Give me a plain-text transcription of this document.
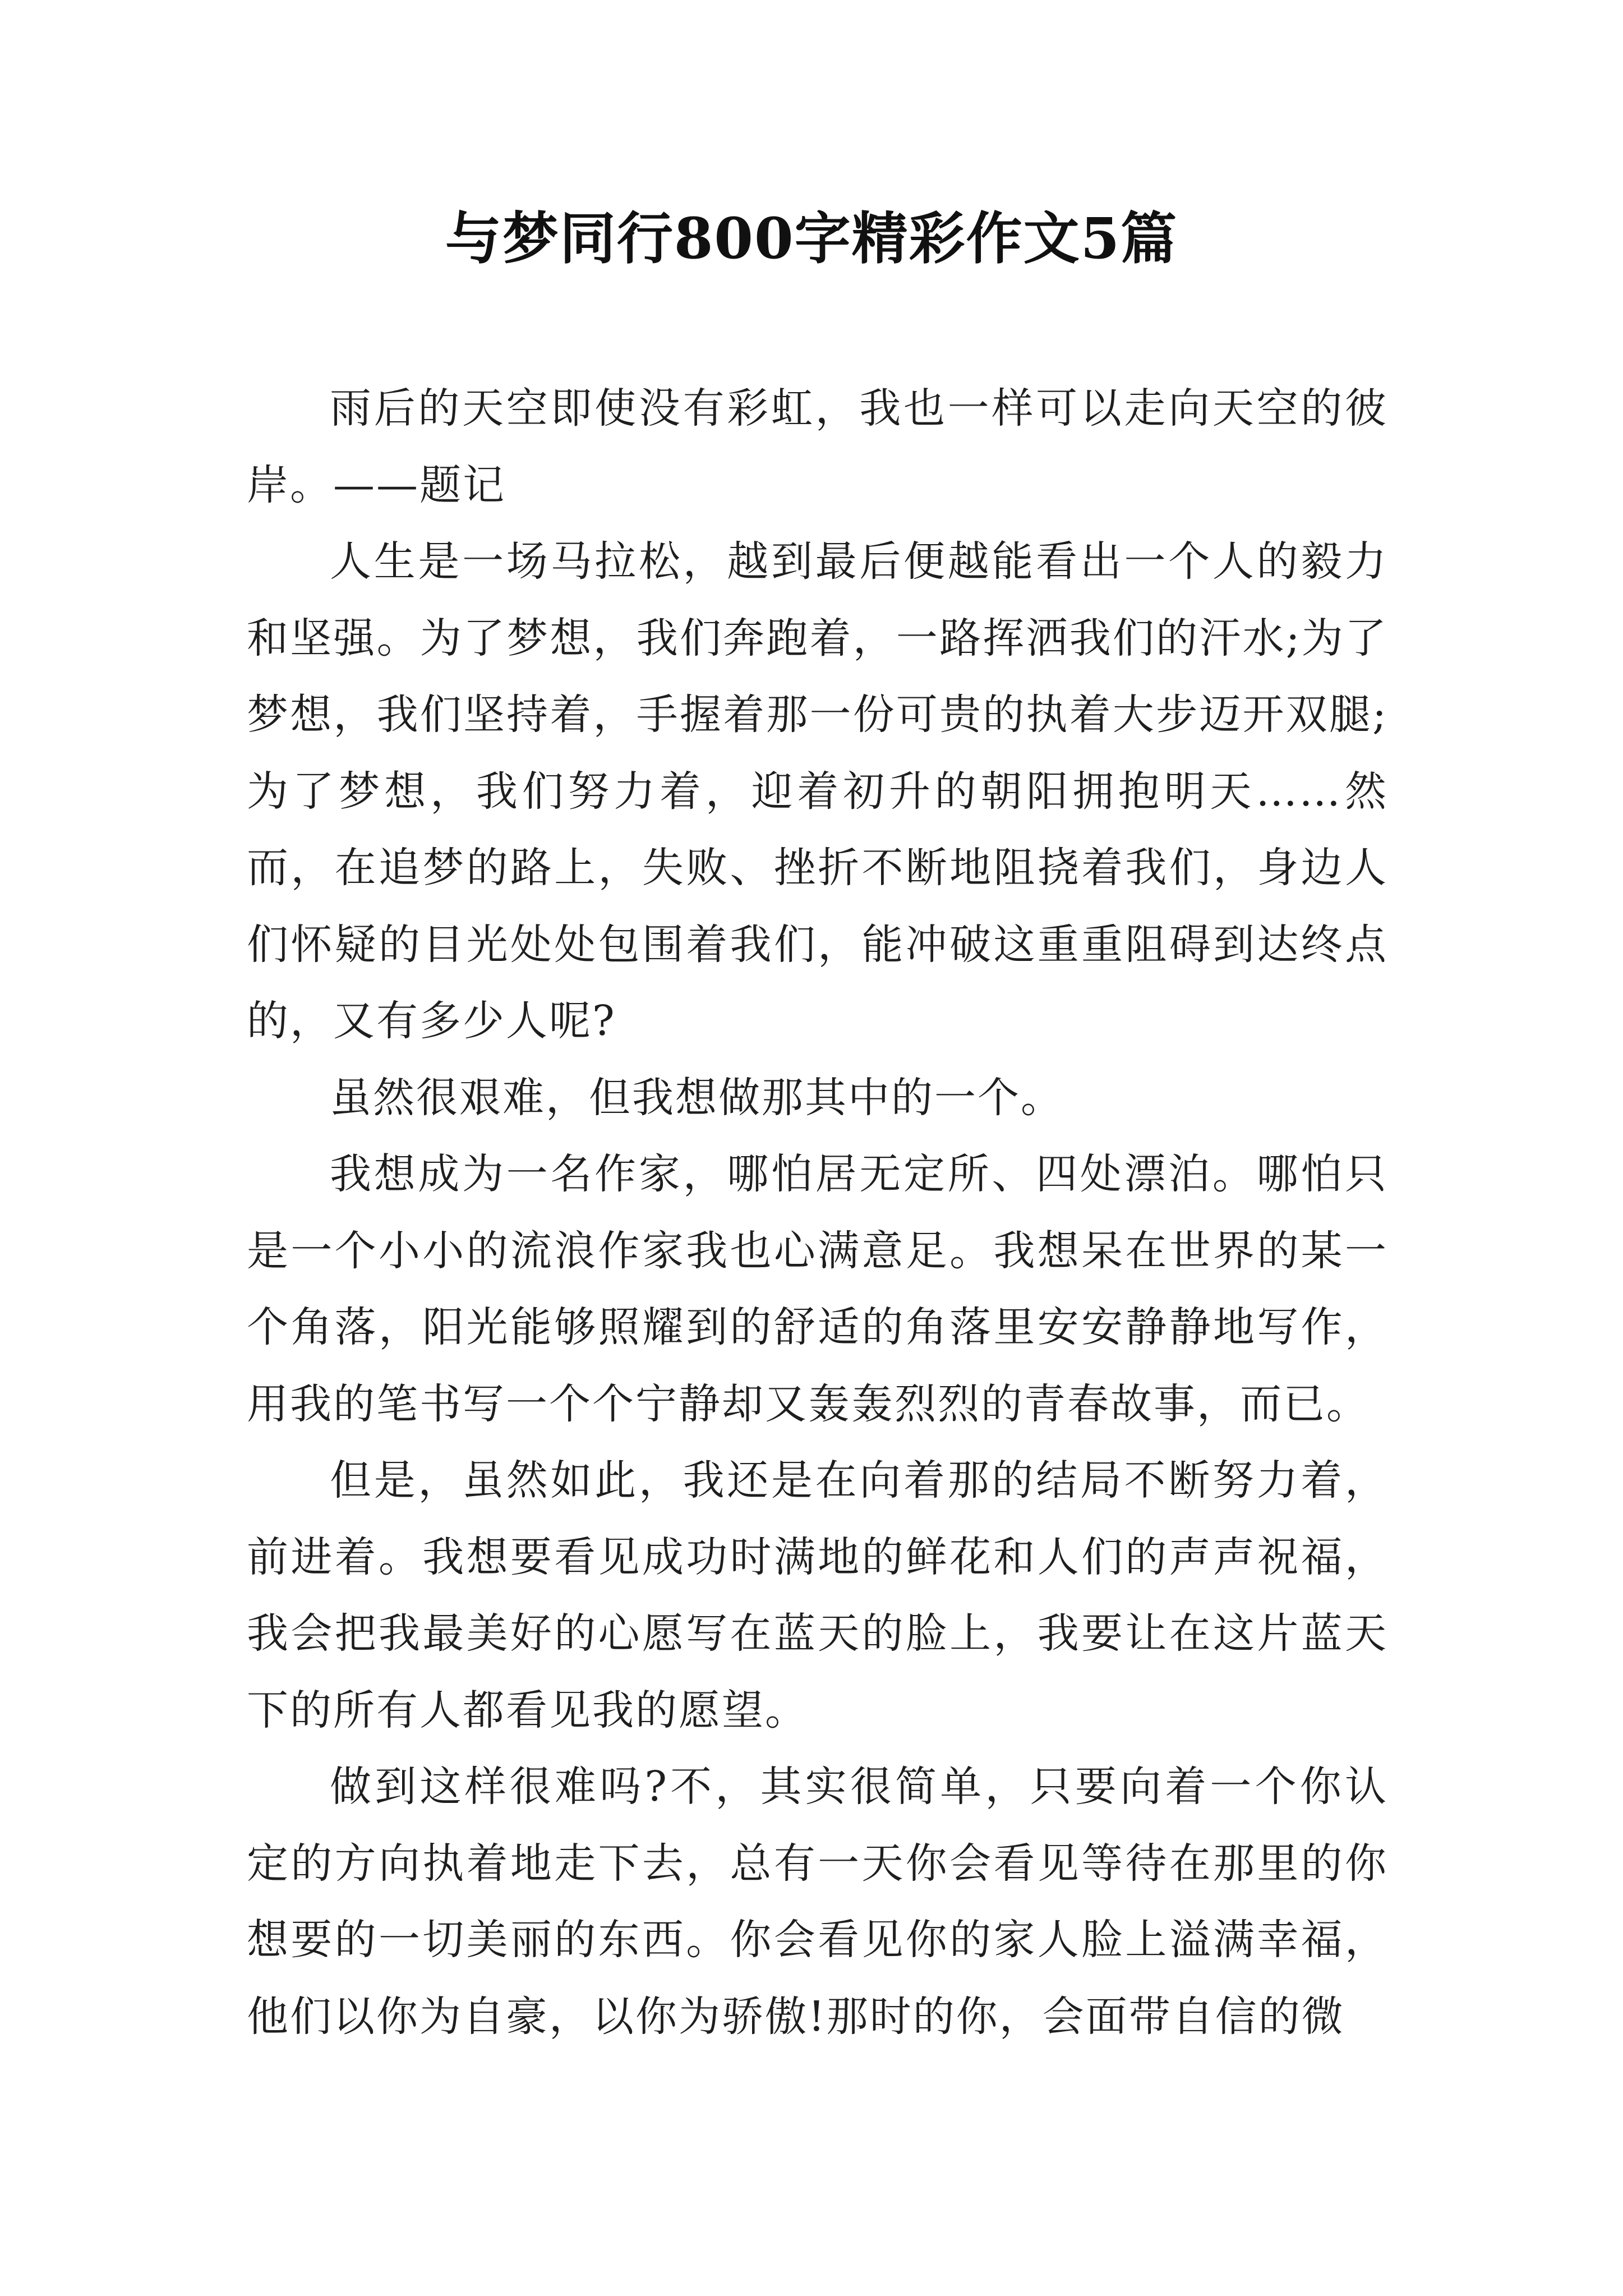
与梦同行800字精彩作文5篇

雨后的天空即使没有彩虹，我也一样可以走向天空的彼岸。——题记

人生是一场马拉松，越到最后便越能看出一个人的毅力和坚强。为了梦想，我们奔跑着，一路挥洒我们的汗水;为了梦想，我们坚持着，手握着那一份可贵的执着大步迈开双腿;为了梦想，我们努力着，迎着初升的朝阳拥抱明天……然而，在追梦的路上，失败、挫折不断地阻挠着我们，身边人们怀疑的目光处处包围着我们，能冲破这重重阻碍到达终点的，又有多少人呢?

虽然很艰难，但我想做那其中的一个。

我想成为一名作家，哪怕居无定所、四处漂泊。哪怕只是一个小小的流浪作家我也心满意足。我想呆在世界的某一个角落，阳光能够照耀到的舒适的角落里安安静静地写作，用我的笔书写一个个宁静却又轰轰烈烈的青春故事，而已。

但是，虽然如此，我还是在向着那的结局不断努力着，前进着。我想要看见成功时满地的鲜花和人们的声声祝福，我会把我最美好的心愿写在蓝天的脸上，我要让在这片蓝天下的所有人都看见我的愿望。

做到这样很难吗?不，其实很简单，只要向着一个你认定的方向执着地走下去，总有一天你会看见等待在那里的你想要的一切美丽的东西。你会看见你的家人脸上溢满幸福，他们以你为自豪，以你为骄傲!那时的你，会面带自信的微
